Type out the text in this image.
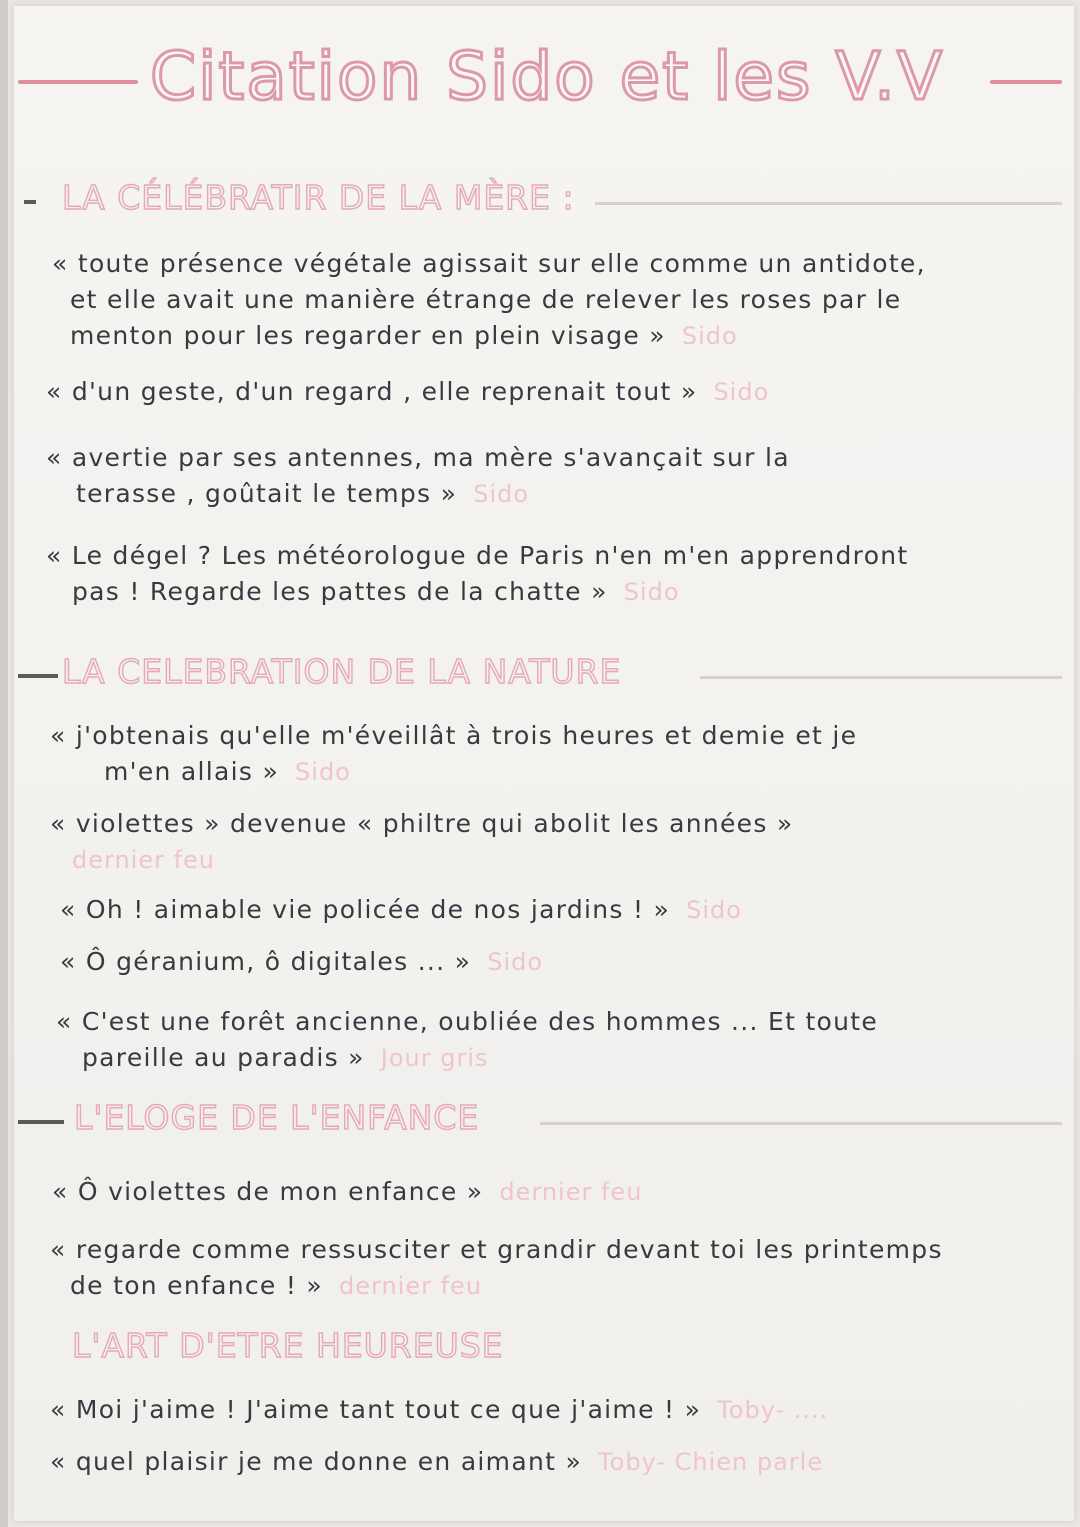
Citation Sido et les V.V
LA CÉLÉBRATIR DE LA MÈRE :
« toute présence végétale agissait sur elle comme un antidote,
et elle avait une manière étrange de relever les roses par le
menton pour les regarder en plein visage » Sido
« d'un geste, d'un regard , elle reprenait tout » Sido
« avertie par ses antennes, ma mère s'avançait sur la
terasse , goûtait le temps » Sido
« Le dégel ? Les météorologue de Paris n'en m'en apprendront
pas ! Regarde les pattes de la chatte » Sido
LA CELEBRATION DE LA NATURE
« j'obtenais qu'elle m'éveillât à trois heures et demie et je
m'en allais » Sido
« violettes » devenue « philtre qui abolit les années »
dernier feu
« Oh ! aimable vie policée de nos jardins ! » Sido
« Ô géranium, ô digitales ... » Sido
« C'est une forêt ancienne, oubliée des hommes ... Et toute
pareille au paradis » Jour gris
L'ELOGE DE L'ENFANCE
« Ô violettes de mon enfance » dernier feu
« regarde comme ressusciter et grandir devant toi les printemps
de ton enfance ! » dernier feu
L'ART D'ETRE HEUREUSE
« Moi j'aime ! J'aime tant tout ce que j'aime ! » Toby- ....
« quel plaisir je me donne en aimant » Toby- Chien parle
